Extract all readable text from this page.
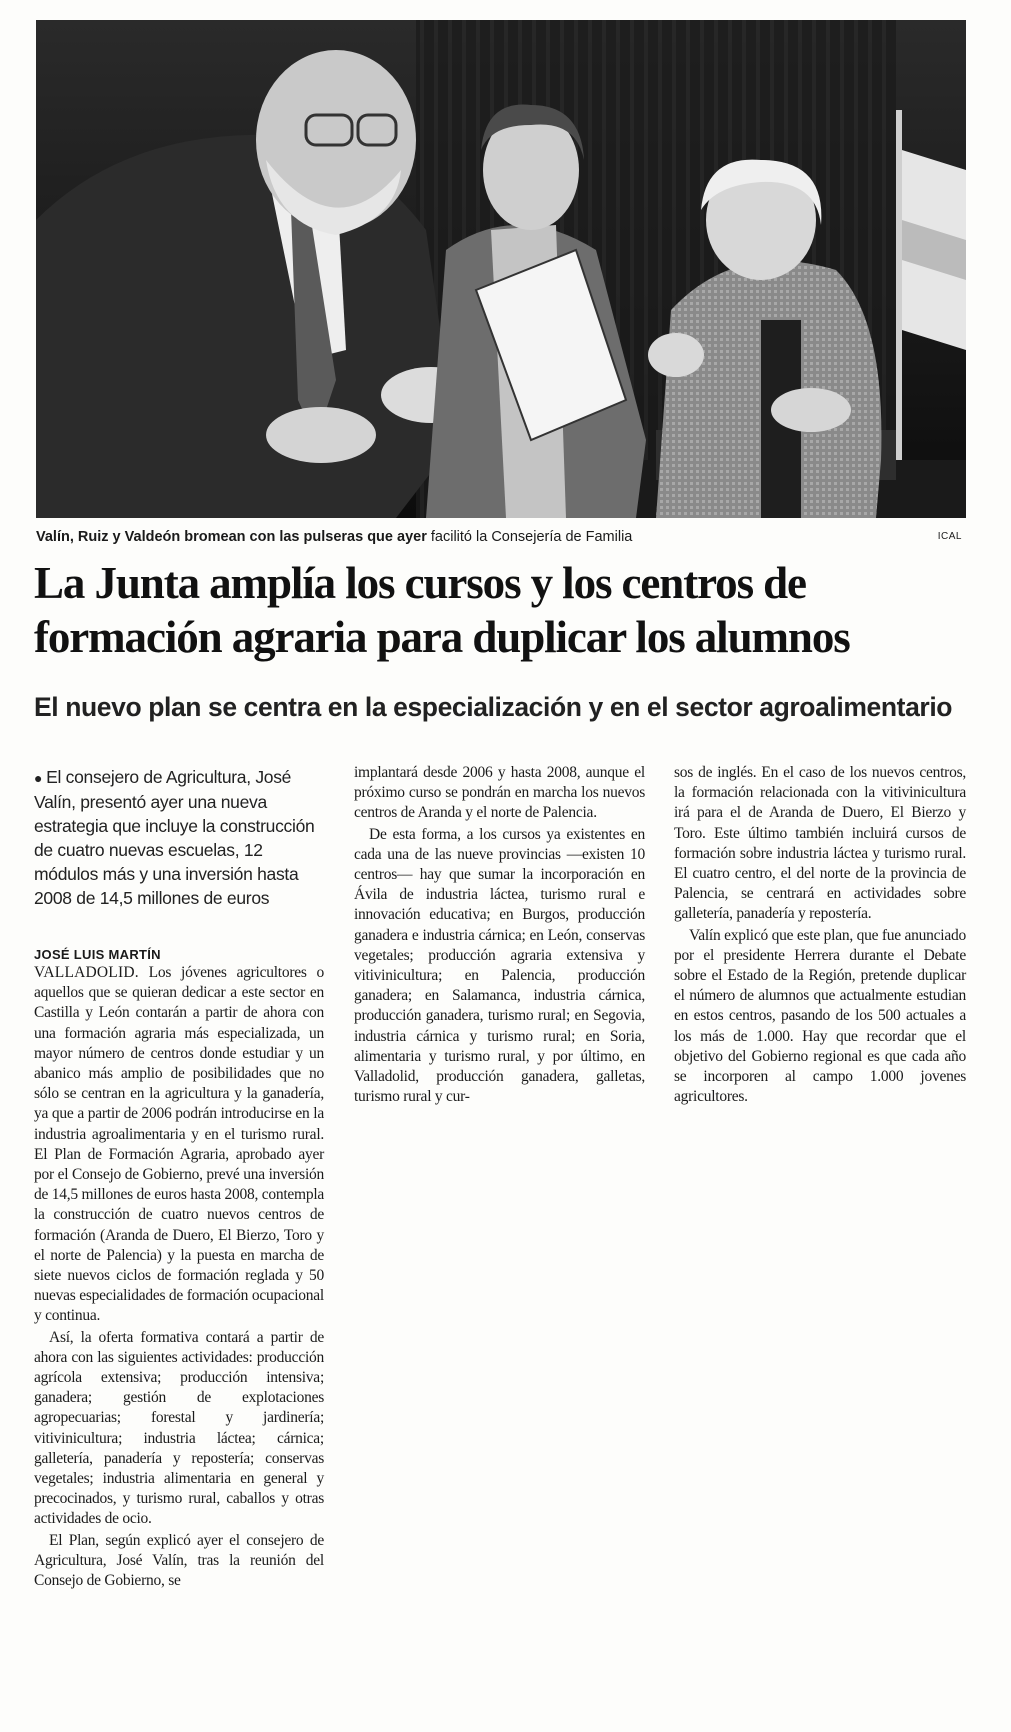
Valín, Ruiz y Valdeón bromean con las pulseras que ayer facilitó la Consejería de Familia	ICAL
La Junta amplía los cursos y los centros de formación agraria para duplicar los alumnos
El nuevo plan se centra en la especialización y en el sector agroalimentario

● El consejero de Agricultura, José Valín, presentó ayer una nueva estrategia que incluye la construcción de cuatro nuevas escuelas, 12 módulos más y una inversión hasta 2008 de 14,5 millones de euros

JOSÉ LUIS MARTÍN

VALLADOLID. Los jóvenes agricultores o aquellos que se quieran dedicar a este sector en Castilla y León contarán a partir de ahora con una formación agraria más especializada, un mayor número de centros donde estudiar y un abanico más amplio de posibilidades que no sólo se centran en la agricultura y la ganadería, ya que a partir de 2006 podrán introducirse en la industria agroalimentaria y en el turismo rural. El Plan de Formación Agraria, aprobado ayer por el Consejo de Gobierno, prevé una inversión de 14,5 millones de euros hasta 2008, contempla la construcción de cuatro nuevos centros de formación (Aranda de Duero, El Bierzo, Toro y el norte de Palencia) y la puesta en marcha de siete nuevos ciclos de formación reglada y 50 nuevas especialidades de formación ocupacional y continua.

Así, la oferta formativa contará a partir de ahora con las siguientes actividades: producción agrícola extensiva; producción intensiva; ganadera; gestión de explotaciones agropecuarias; forestal y jardinería; vitivinicultura; industria láctea; cárnica; galletería, panadería y repostería; conservas vegetales; industria alimentaria en general y precocinados, y turismo rural, caballos y otras actividades de ocio.

El Plan, según explicó ayer el consejero de Agricultura, José Valín, tras la reunión del Consejo de Gobierno, se

implantará desde 2006 y hasta 2008, aunque el próximo curso se pondrán en marcha los nuevos centros de Aranda y el norte de Palencia.

De esta forma, a los cursos ya existentes en cada una de las nueve provincias —existen 10 centros— hay que sumar la incorporación en Ávila de industria láctea, turismo rural e innovación educativa; en Burgos, producción ganadera e industria cárnica; en León, conservas vegetales; producción agraria extensiva y vitivinicultura; en Palencia, producción ganadera; en Salamanca, industria cárnica, producción ganadera, turismo rural; en Segovia, industria cárnica y turismo rural; en Soria, alimentaria y turismo rural, y por último, en Valladolid, producción ganadera, galletas, turismo rural y cur-

sos de inglés. En el caso de los nuevos centros, la formación relacionada con la vitivinicultura irá para el de Aranda de Duero, El Bierzo y Toro. Este último también incluirá cursos de formación sobre industria láctea y turismo rural. El cuatro centro, el del norte de la provincia de Palencia, se centrará en actividades sobre galletería, panadería y repostería.

Valín explicó que este plan, que fue anunciado por el presidente Herrera durante el Debate sobre el Estado de la Región, pretende duplicar el número de alumnos que actualmente estudian en estos centros, pasando de los 500 actuales a los más de 1.000. Hay que recordar que el objetivo del Gobierno regional es que cada año se incorporen al campo 1.000 jovenes agricultores.
